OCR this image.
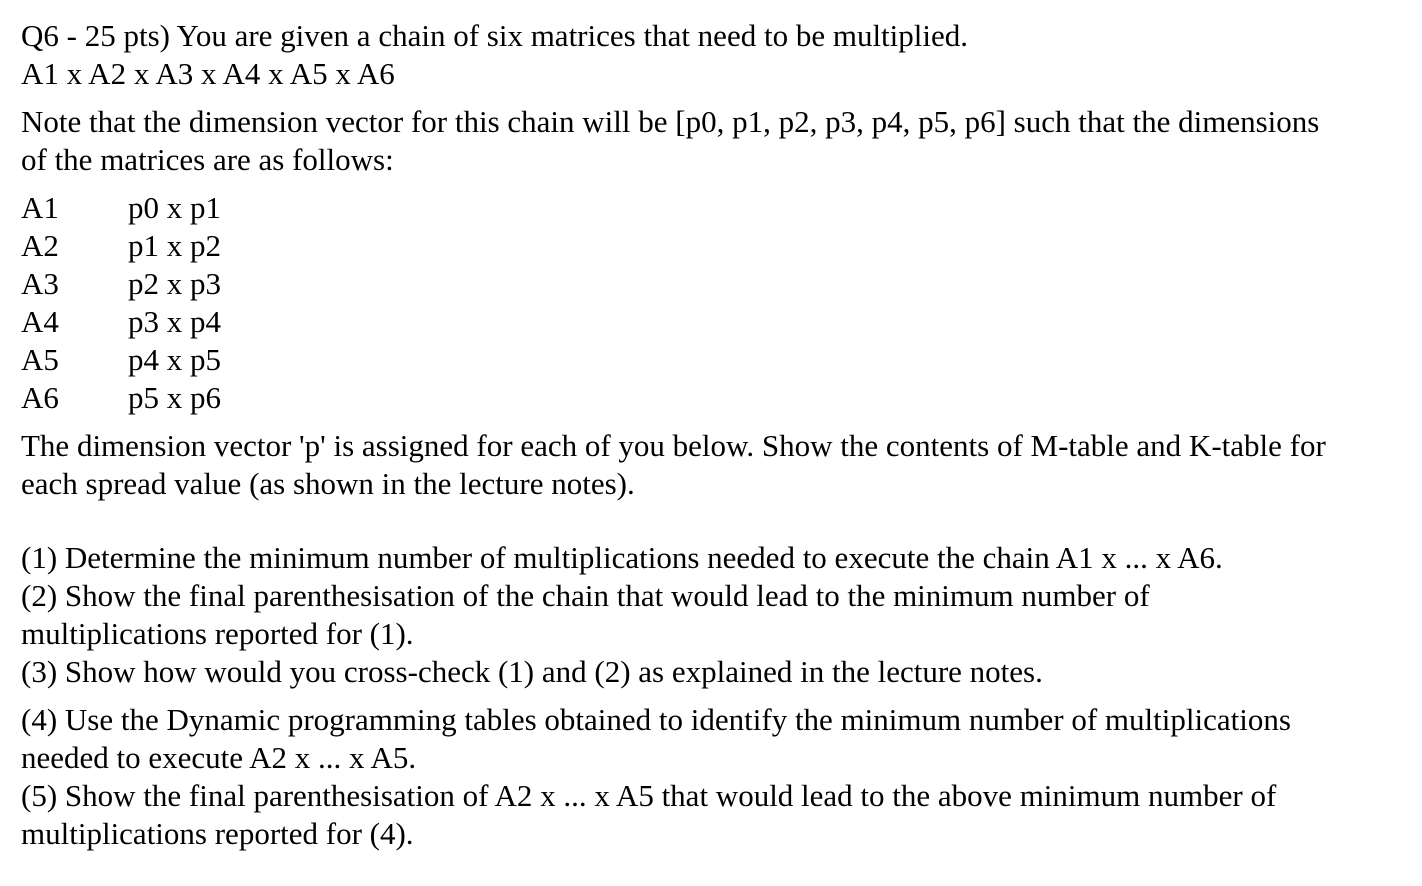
Q6 - 25 pts) You are given a chain of six matrices that need to be multiplied.
A1 x A2 x A3 x A4 x A5 x A6
Note that the dimension vector for this chain will be [p0, p1, p2, p3, p4, p5, p6] such that the dimensions
of the matrices are as follows:
A1	p0 x p1
A2	p1 x p2
A3	p2 x p3
A4	p3 x p4
A5	p4 x p5
A6	p5 x p6
The dimension vector 'p' is assigned for each of you below. Show the contents of M-table and K-table for
each spread value (as shown in the lecture notes).
(1) Determine the minimum number of multiplications needed to execute the chain A1 x ... x A6.
(2) Show the final parenthesisation of the chain that would lead to the minimum number of
multiplications reported for (1).
(3) Show how would you cross-check (1) and (2) as explained in the lecture notes.
(4) Use the Dynamic programming tables obtained to identify the minimum number of multiplications
needed to execute A2 x ... x A5.
(5) Show the final parenthesisation of A2 x ... x A5 that would lead to the above minimum number of
multiplications reported for (4).
